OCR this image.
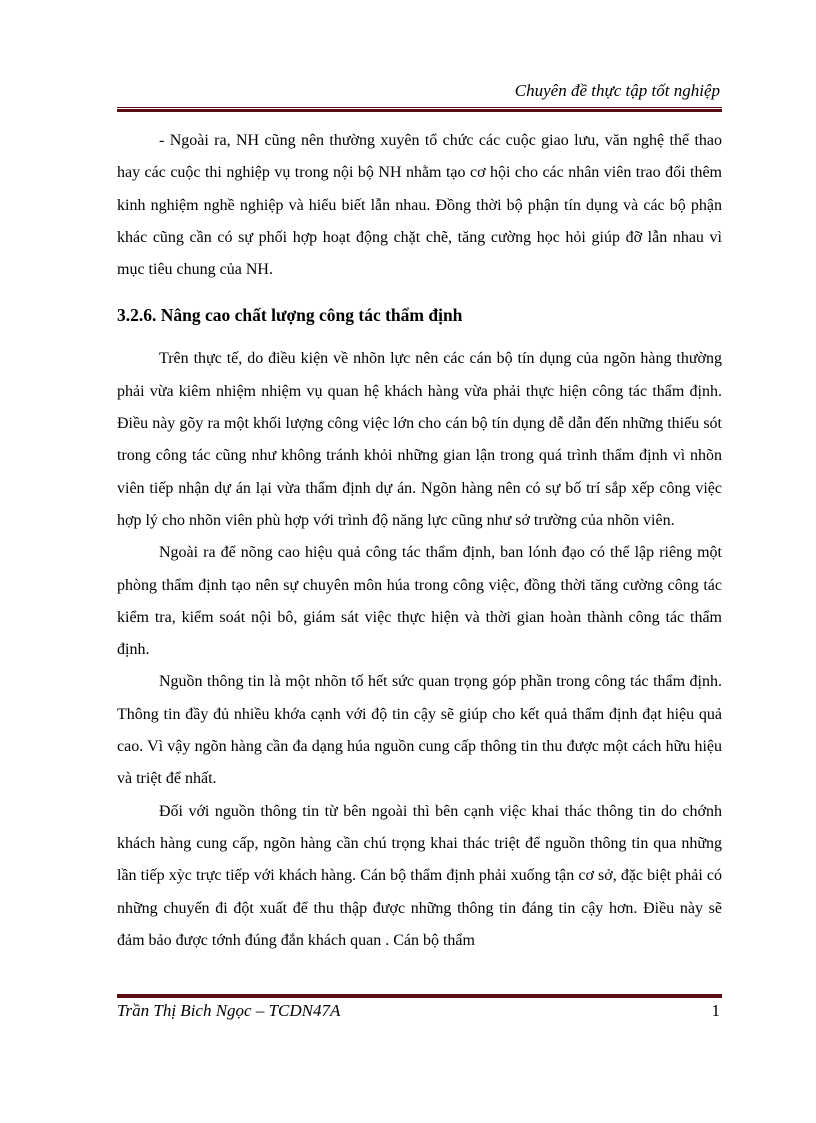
Chuyên đề thực tập tốt nghiệp

- Ngoài ra, NH cũng nên thường xuyên tổ chức các cuộc giao lưu, văn nghệ thể thao hay các cuộc thi nghiệp vụ trong nội bộ NH nhằm tạo cơ hội cho các nhân viên trao đổi thêm kinh nghiệm nghề nghiệp và hiểu biết lẫn nhau. Đồng thời bộ phận tín dụng và các bộ phận khác cũng cần có sự phối hợp hoạt động chặt chẽ, tăng cường học hỏi giúp đỡ lẫn nhau vì mục tiêu chung của NH.

3.2.6. Nâng cao chất lượng công tác thẩm định

Trên thực tế, do điều kiện về nhõn lực nên các cán bộ tín dụng của ngõn hàng thường phải vừa kiêm nhiệm nhiệm vụ quan hệ khách hàng vừa phải thực hiện công tác thẩm định. Điều này gõy ra một khối lượng công việc lớn cho cán bộ tín dụng dễ dẫn đến những thiếu sót trong công tác cũng như không tránh khỏi những gian lận trong quá trình thẩm định vì nhõn viên tiếp nhận dự án lại vừa thẩm định dự án. Ngõn hàng nên có sự bố trí sắp xếp công việc hợp lý cho nhõn viên phù hợp với trình độ năng lực cũng như sở trường của nhõn viên.

Ngoài ra để nõng cao hiệu quả công tác thẩm định, ban lónh đạo có thể lập riêng một phòng thẩm định tạo nên sự chuyên môn húa trong công việc, đồng thời tăng cường công tác kiểm tra, kiểm soát nội bô, giám sát việc thực hiện và thời gian hoàn thành công tác thẩm định.

Nguồn thông tin là một nhõn tố hết sức quan trọng góp phần trong công tác thẩm định. Thông tin đầy đủ nhiều khớa cạnh với độ tin cậy sẽ giúp cho kết quả thẩm định đạt hiệu quả cao. Vì vậy ngõn hàng cần đa dạng húa nguồn cung cấp thông tin thu được một cách hữu hiệu và triệt để nhất.

Đối với nguồn thông tin từ bên ngoài thì bên cạnh việc khai thác thông tin do chớnh khách hàng cung cấp, ngõn hàng cần chú trọng khai thác triệt để nguồn thông tin qua những lần tiếp xỳc trực tiếp với khách hàng. Cán bộ thẩm định phải xuống tận cơ sở, đặc biệt phải có những chuyến đi đột xuất để thu thập được những thông tin đáng tin cậy hơn. Điều này sẽ đảm bảo được tớnh đúng đắn khách quan . Cán bộ thẩm

Trần Thị Bich Ngọc – TCDN47A	1
